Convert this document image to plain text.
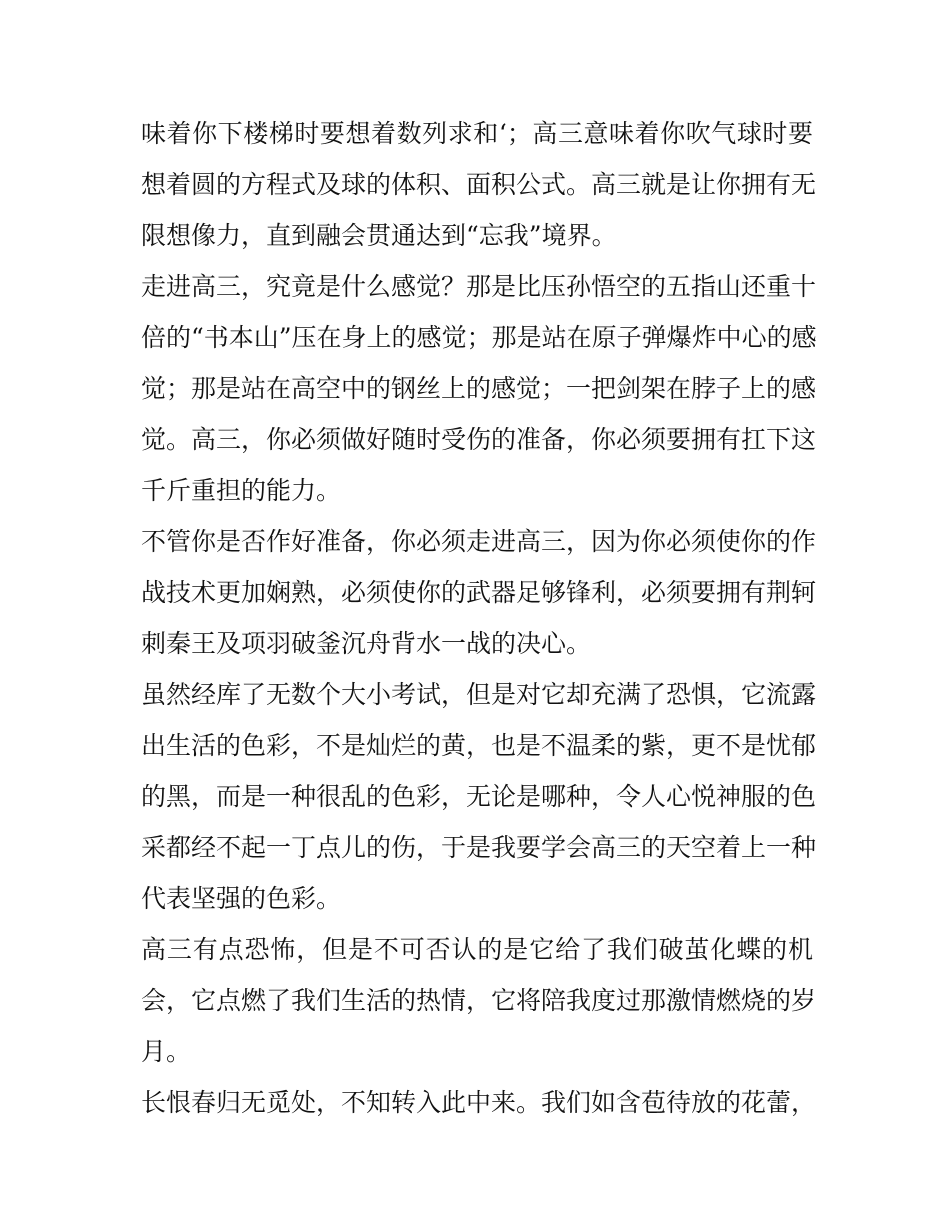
味着你下楼梯时要想着数列求和‘；高三意味着你吹气球时要
想着圆的方程式及球的体积、面积公式。高三就是让你拥有无
限想像力，直到融会贯通达到“忘我”境界。
走进高三，究竟是什么感觉？那是比压孙悟空的五指山还重十
倍的“书本山”压在身上的感觉；那是站在原子弹爆炸中心的感
觉；那是站在高空中的钢丝上的感觉；一把剑架在脖子上的感
觉。高三，你必须做好随时受伤的准备，你必须要拥有扛下这
千斤重担的能力。
不管你是否作好准备，你必须走进高三，因为你必须使你的作
战技术更加娴熟，必须使你的武器足够锋利，必须要拥有荆轲
刺秦王及项羽破釜沉舟背水一战的决心。
虽然经库了无数个大小考试，但是对它却充满了恐惧，它流露
出生活的色彩，不是灿烂的黄，也是不温柔的紫，更不是忧郁
的黑，而是一种很乱的色彩，无论是哪种，令人心悦神服的色
采都经不起一丁点儿的伤，于是我要学会高三的天空着上一种
代表坚强的色彩。
高三有点恐怖，但是不可否认的是它给了我们破茧化蝶的机
会，它点燃了我们生活的热情，它将陪我度过那激情燃烧的岁
月。
长恨春归无觅处，不知转入此中来。我们如含苞待放的花蕾，
